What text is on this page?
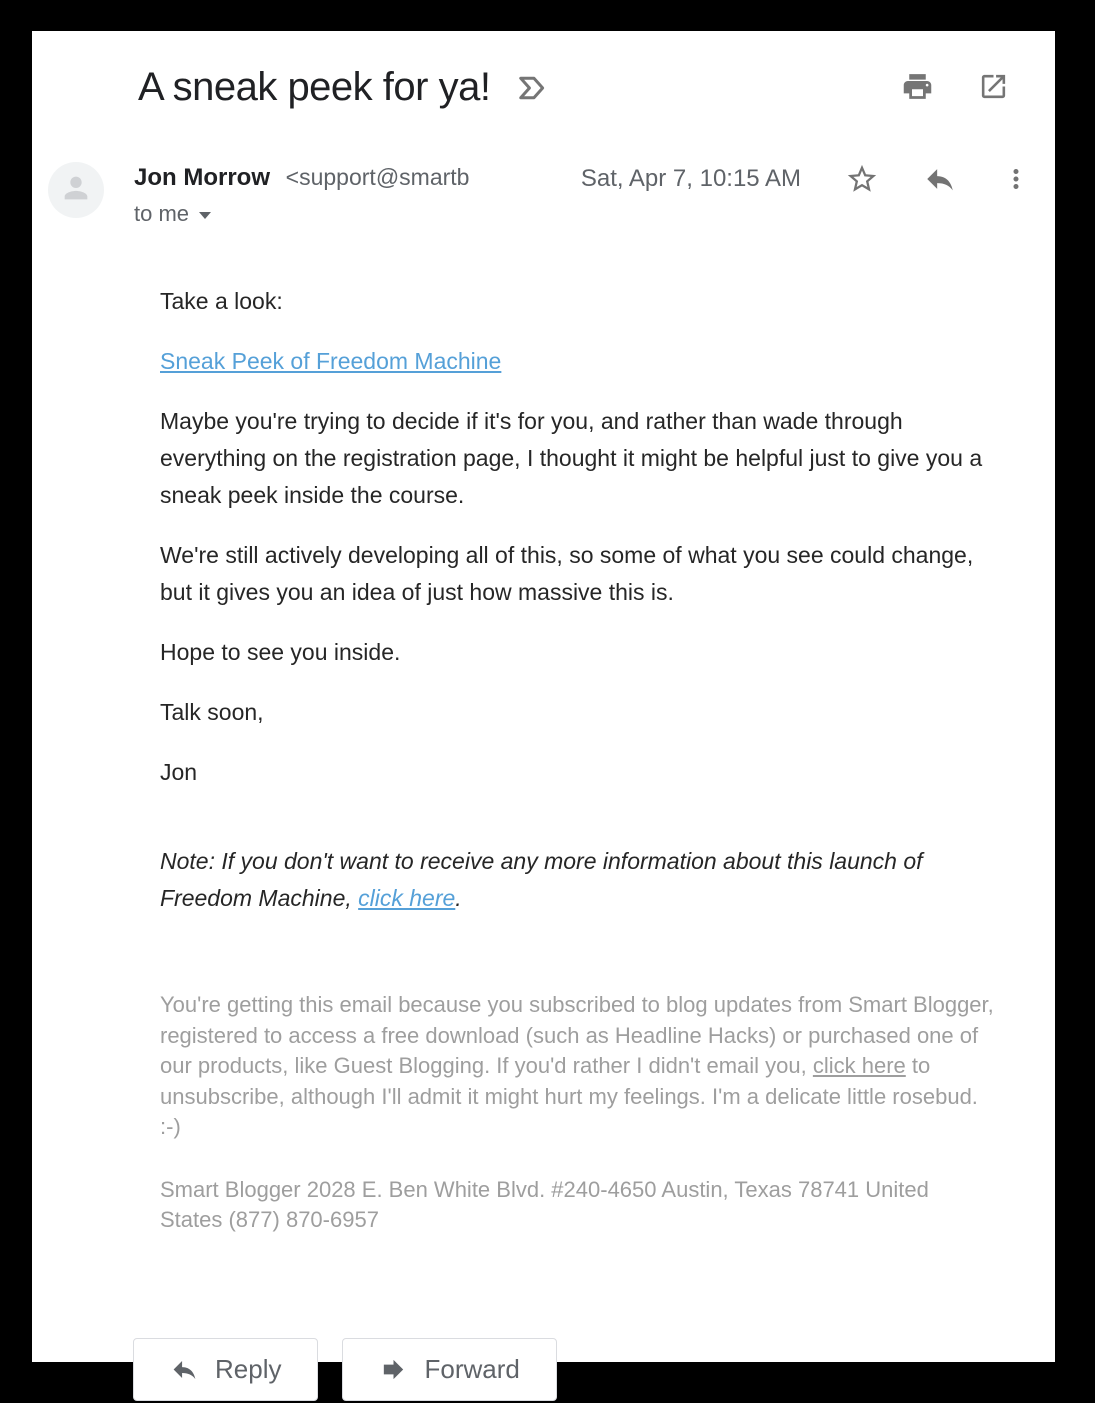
A sneak peek for ya!
Jon Morrow <support@smartb
to me
Sat, Apr 7, 10:15 AM

Take a look:

Sneak Peek of Freedom Machine

Maybe you're trying to decide if it's for you, and rather than wade through everything on the registration page, I thought it might be helpful just to give you a sneak peek inside the course.

We're still actively developing all of this, so some of what you see could change, but it gives you an idea of just how massive this is.

Hope to see you inside.

Talk soon,

Jon

Note: If you don't want to receive any more information about this launch of Freedom Machine, click here.

You're getting this email because you subscribed to blog updates from Smart Blogger, registered to access a free download (such as Headline Hacks) or purchased one of our products, like Guest Blogging. If you'd rather I didn't email you, click here to unsubscribe, although I'll admit it might hurt my feelings. I'm a delicate little rosebud. :-)

Smart Blogger 2028 E. Ben White Blvd. #240-4650 Austin, Texas 78741 United States (877) 870-6957

Reply	Forward
